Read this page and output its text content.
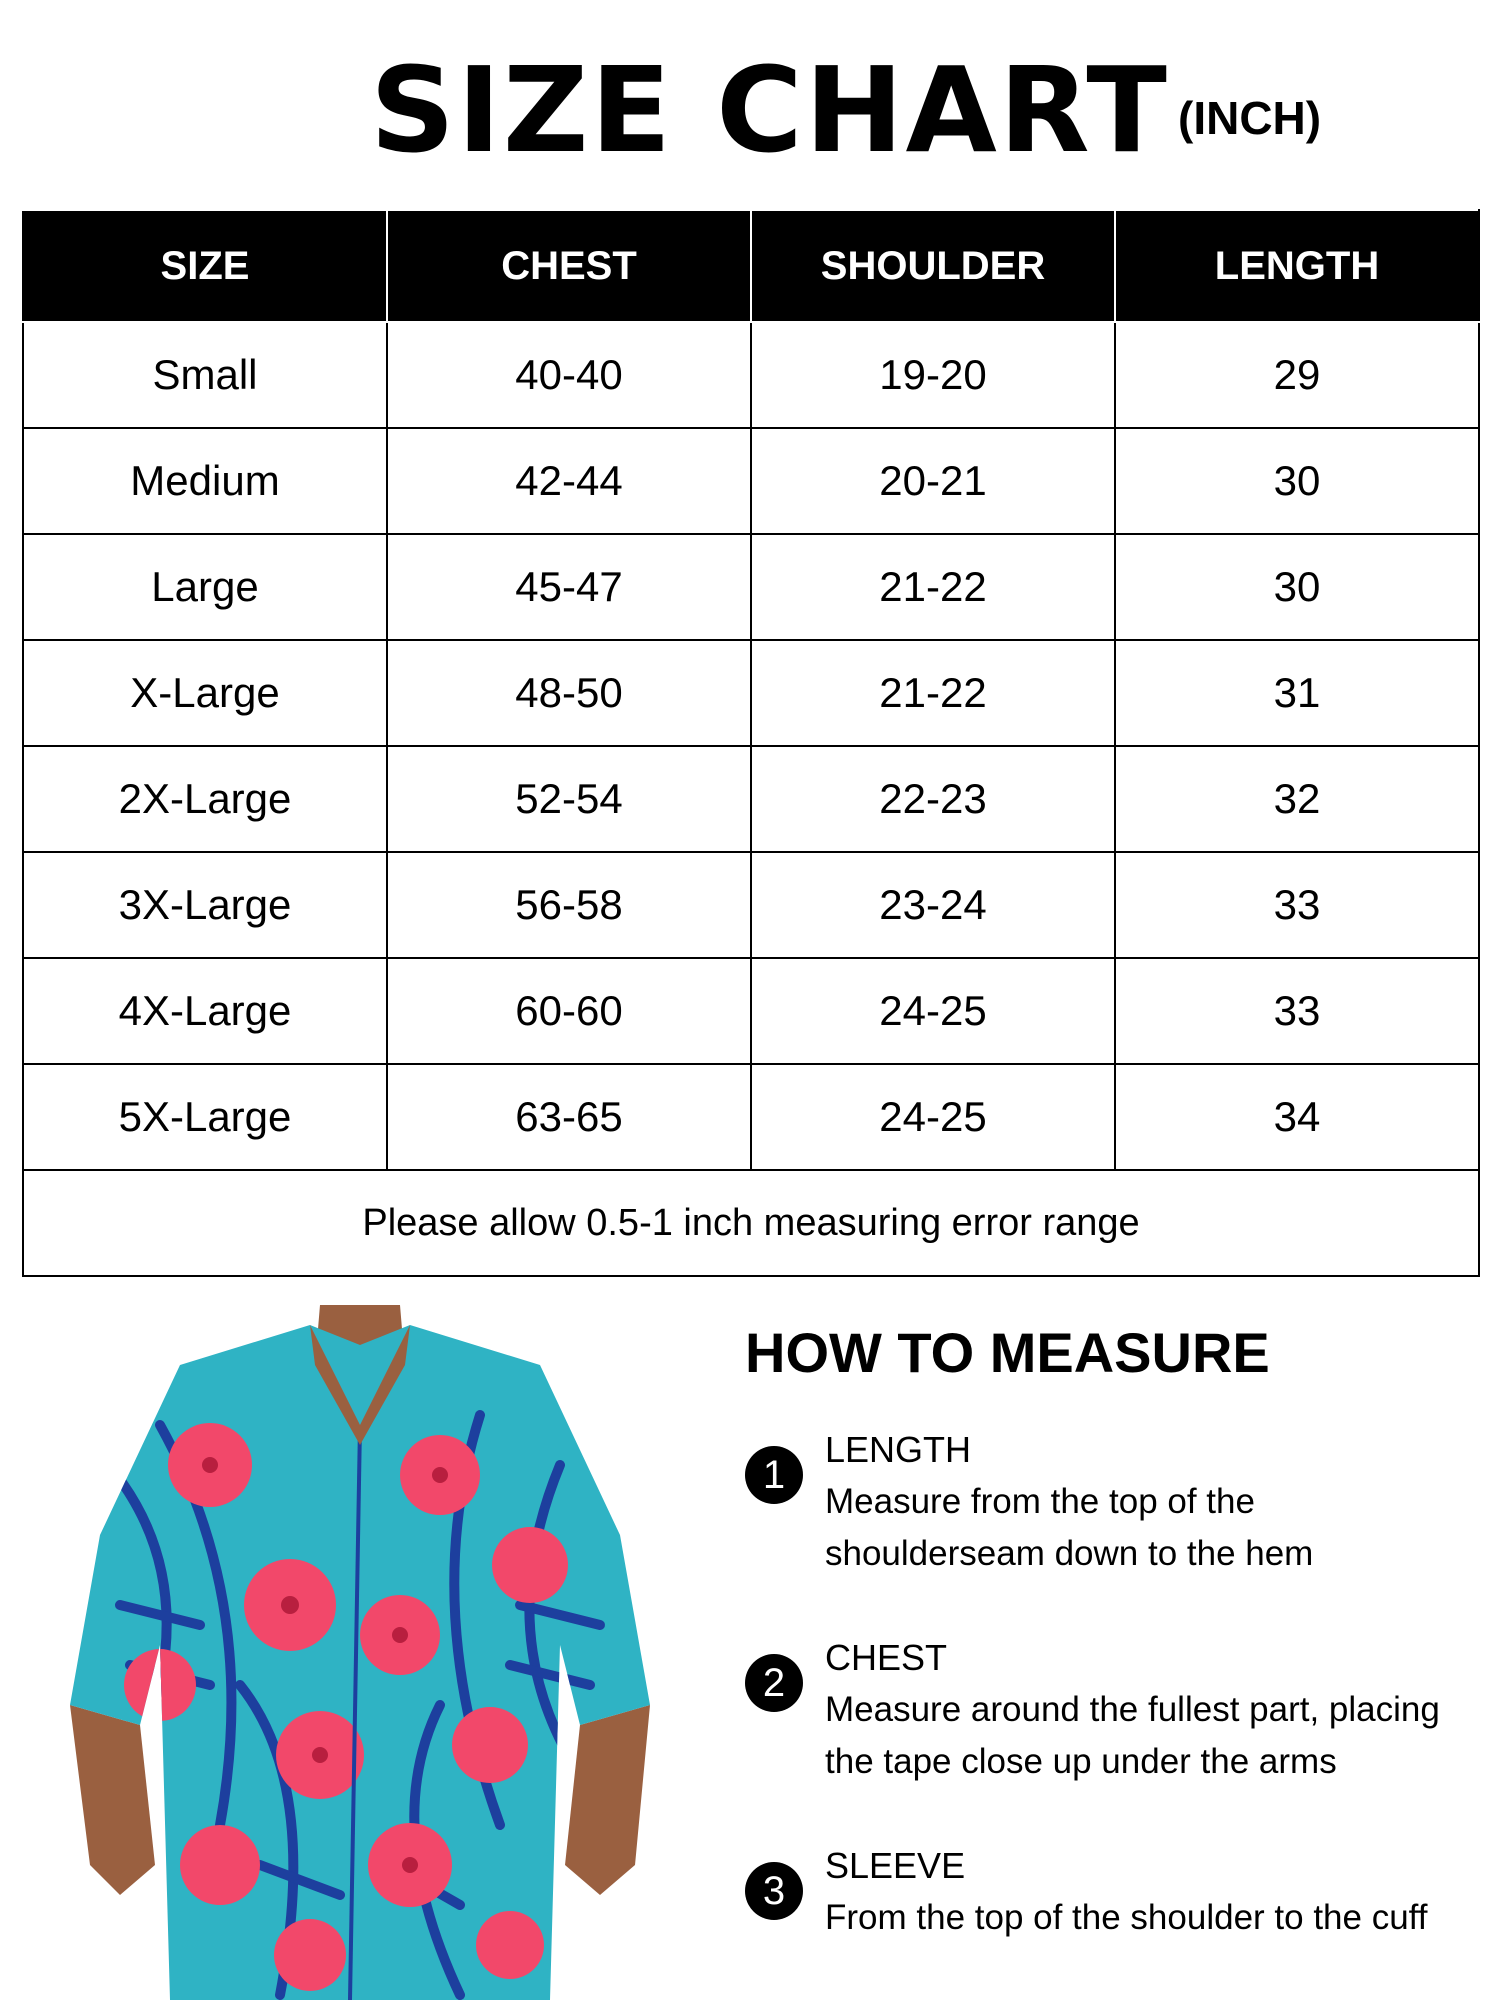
SIZE CHART (INCH)
SIZE	CHEST	SHOULDER	LENGTH
Small	40-40	19-20	29
Medium	42-44	20-21	30
Large	45-47	21-22	30
X-Large	48-50	21-22	31
2X-Large	52-54	22-23	32
3X-Large	56-58	23-24	33
4X-Large	60-60	24-25	33
5X-Large	63-65	24-25	34
Please allow 0.5-1 inch measuring error range			
HOW TO MEASURE
1
LENGTH
Measure from the top of the
shoulderseam down to the hem
2
CHEST
Measure around the fullest part, placing
the tape close up under the arms
3
SLEEVE
From the top of the shoulder to the cuff
